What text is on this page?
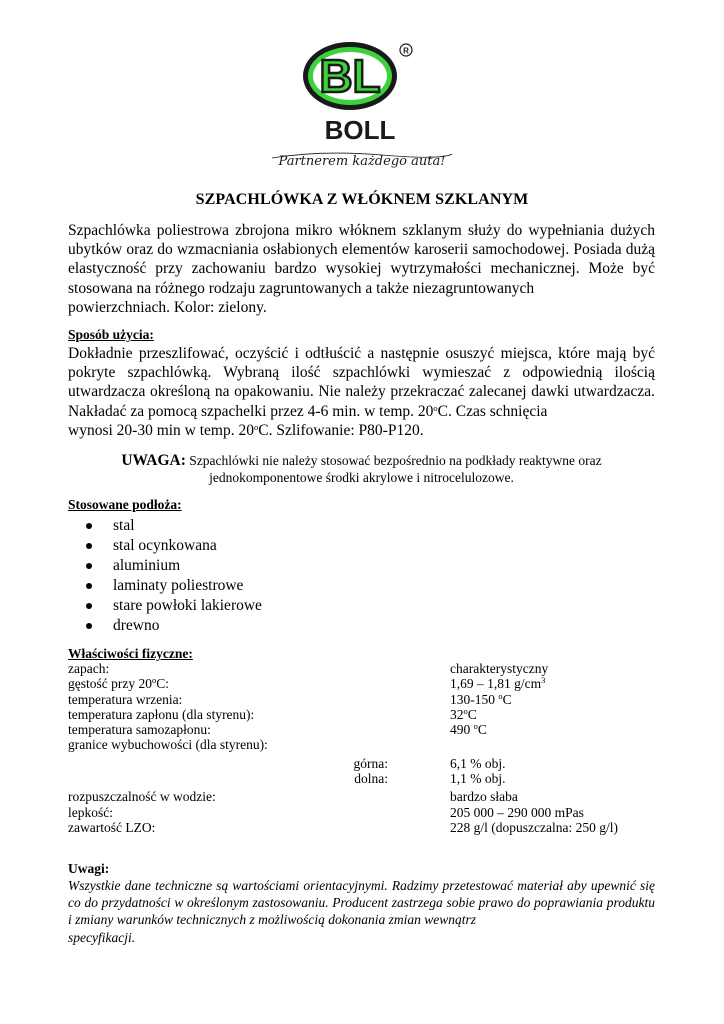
BL	R
BOLL
Partnerem każdego auta!
SZPACHLÓWKA Z WŁÓKNEM SZKLANYM
Szpachlówka poliestrowa zbrojona mikro włóknem szklanym służy do wypełniania dużych ubytków oraz do wzmacniania osłabionych elementów karoserii samochodowej. Posiada dużą elastyczność przy zachowaniu bardzo wysokiej wytrzymałości mechanicznej. Może być stosowana na różnego rodzaju zagruntowanych a także niezagruntowanych
powierzchniach. Kolor: zielony.
Sposób użycia:
Dokładnie przeszlifować, oczyścić i odtłuścić a następnie osuszyć miejsca, które mają być pokryte szpachlówką. Wybraną ilość szpachlówki wymieszać z odpowiednią ilością utwardzacza określoną na opakowaniu. Nie należy przekraczać zalecanej dawki utwardzacza. Nakładać za pomocą szpachelki przez 4-6 min. w temp. 20$^o$C. Czas schnięcia
wynosi 20-30 min w temp. 20$^o$C. Szlifowanie: P80-P120.
UWAGA: Szpachlówki nie należy stosować bezpośrednio na podkłady reaktywne oraz
jednokomponentowe środki akrylowe i nitrocelulozowe.
Stosowane podłoża:
stal
stal ocynkowana
aluminium
laminaty poliestrowe
stare powłoki lakierowe
drewno
Właściwości fizyczne:
zapach:	charakterystyczny
gęstość przy 20$^o$C:	1,69 – 1,81 $g/cm^3$
temperatura wrzenia:	130-150 $^o$C
temperatura zapłonu (dla styrenu):	32$^o$C
temperatura samozapłonu:	490 $^o$C
granice wybuchowości (dla styrenu):
górna:	6,1 % obj.
dolna:	1,1 % obj.
rozpuszczalność w wodzie:	bardzo słaba
lepkość:	205 000 – 290 000 mPas
zawartość LZO:	228 g/l (dopuszczalna: 250 g/l)
Uwagi:
Wszystkie dane techniczne są wartościami orientacyjnymi. Radzimy przetestować materiał aby upewnić się co do przydatności w określonym zastosowaniu. Producent zastrzega sobie prawo do poprawiania produktu i zmiany warunków technicznych z możliwością dokonania zmian wewnątrz
specyfikacji.
